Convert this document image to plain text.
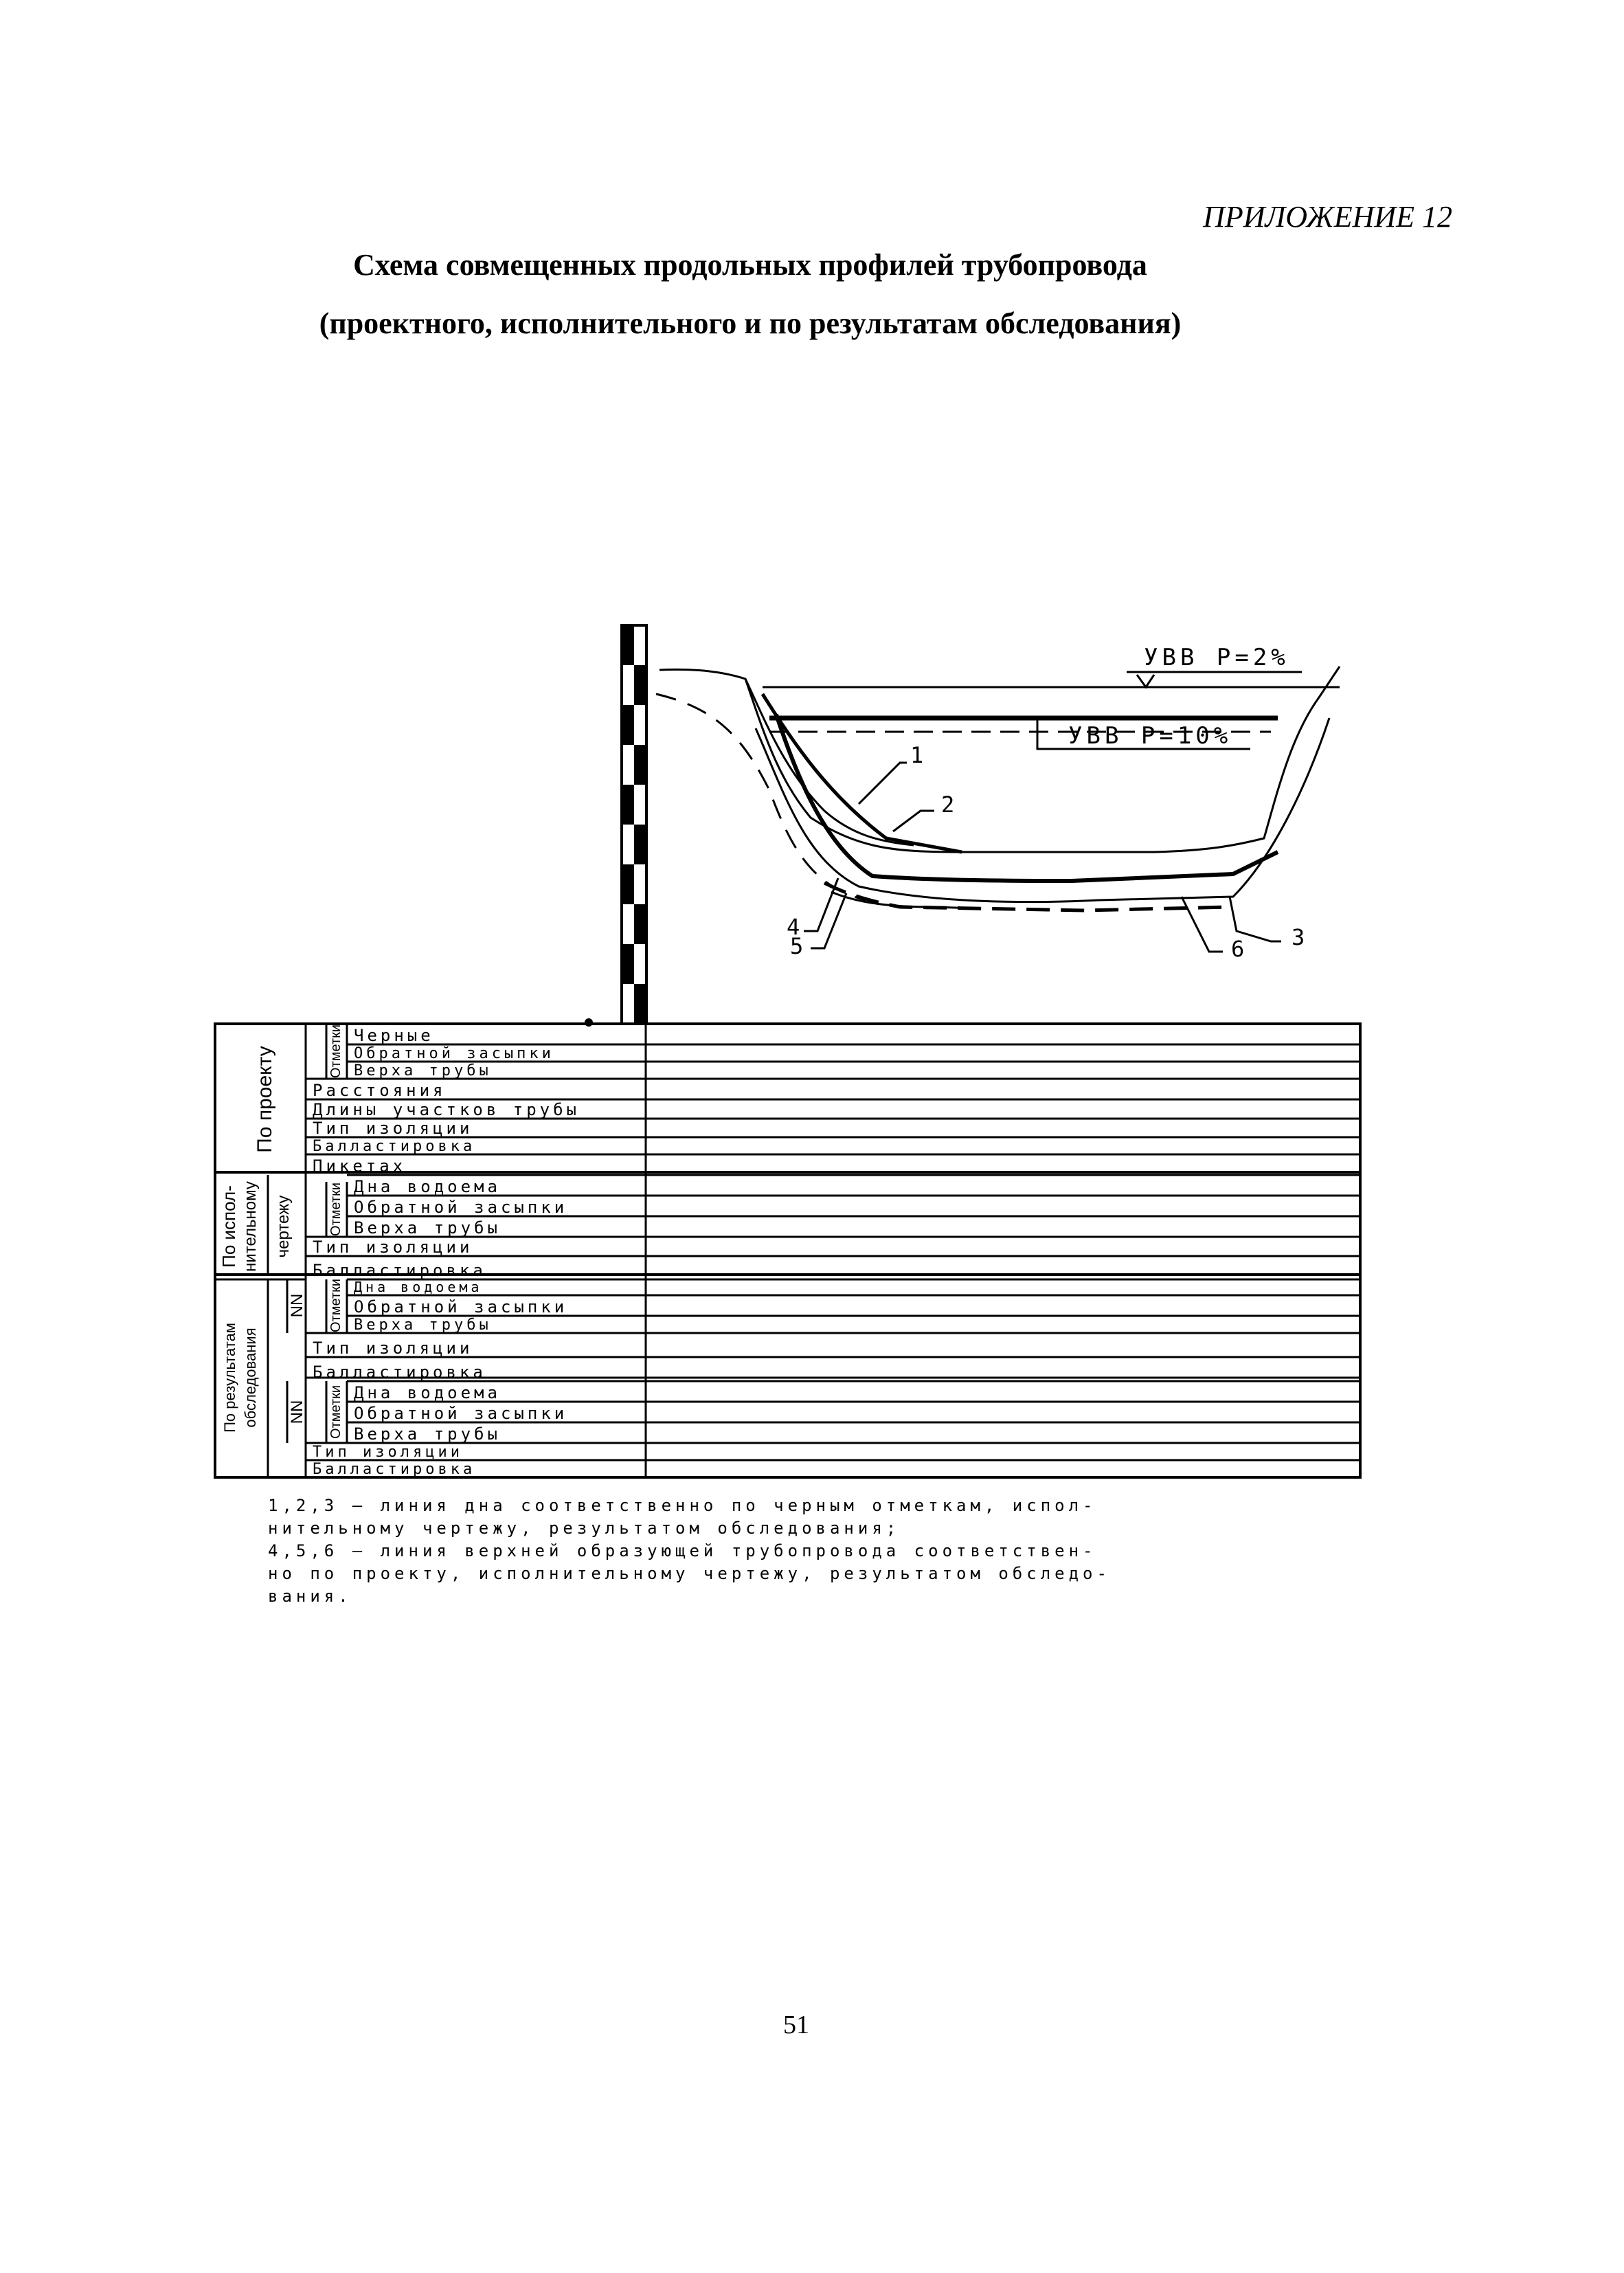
ПРИЛОЖЕНИЕ 12
Схема совмещенных продольных профилей трубопровода
(проектного, исполнительного и по результатам обследования)
УВВ Р=2%
УВВ Р=10%
1
2
3
4
5	6
По проекту
По испол- нительному чертежу
По результатам обследования
Отметки
Отметки
Отметки
Отметки
NN
NN
Черные
Обратной засыпки
Верха трубы
Расстояния
Длины участков трубы
Тип изоляции
Балластировка
Пикетах
Дна водоема
Обратной засыпки
Верха трубы
Тип изоляции
Балластировка
Дна водоема
Обратной засыпки
Верха трубы
Тип изоляции
Балластировка
Дна водоема
Обратной засыпки
Верха трубы
Тип изоляции
Балластировка
1,2,3 — линия дна соответственно по черным отметкам, испол-
нительному чертежу, результатом обследования;
4,5,6 — линия верхней образующей трубопровода соответствен-
но по проекту, исполнительному чертежу, результатом обследо-
вания.
51
